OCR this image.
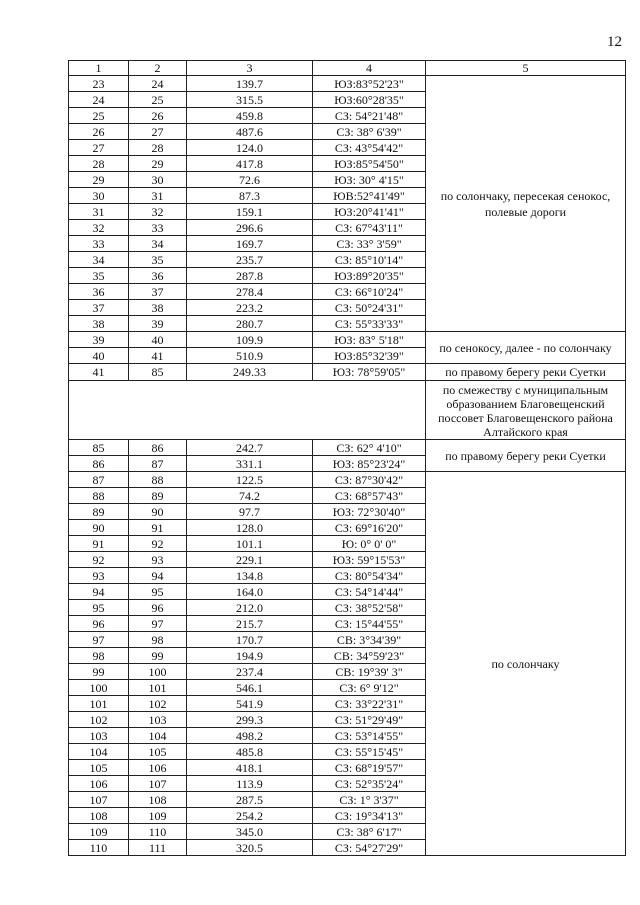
12
1	2	3	4	5
23	24	139.7	ЮЗ:83°52'23"	по солончаку, пересекая сенокос, полевые дороги
24	25	315.5	ЮЗ:60°28'35"	
25	26	459.8	СЗ: 54°21'48"	
26	27	487.6	СЗ: 38° 6'39"	
27	28	124.0	СЗ: 43°54'42"	
28	29	417.8	ЮЗ:85°54'50"	
29	30	72.6	ЮЗ: 30° 4'15"	
30	31	87.3	ЮВ:52°41'49"	
31	32	159.1	ЮЗ:20°41'41"	
32	33	296.6	СЗ: 67°43'11"	
33	34	169.7	СЗ: 33° 3'59"	
34	35	235.7	СЗ: 85°10'14"	
35	36	287.8	ЮЗ:89°20'35"	
36	37	278.4	СЗ: 66°10'24"	
37	38	223.2	СЗ: 50°24'31"	
38	39	280.7	СЗ: 55°33'33"	
39	40	109.9	ЮЗ: 83° 5'18"	по сенокосу, далее - по солончаку
40	41	510.9	ЮЗ:85°32'39"	
41	85	249.33	ЮЗ: 78°59'05"	по правому берегу реки Суетки
				по смежеству с муниципальным образованием Благовещенский поссовет Благовещенского района Алтайского края
85	86	242.7	СЗ: 62° 4'10"	по правому берегу реки Суетки
86	87	331.1	ЮЗ: 85°23'24"	
87	88	122.5	СЗ: 87°30'42"	по солончаку
88	89	74.2	СЗ: 68°57'43"	
89	90	97.7	ЮЗ: 72°30'40"	
90	91	128.0	СЗ: 69°16'20"	
91	92	101.1	Ю: 0° 0' 0"	
92	93	229.1	ЮЗ: 59°15'53"	
93	94	134.8	СЗ: 80°54'34"	
94	95	164.0	СЗ: 54°14'44"	
95	96	212.0	СЗ: 38°52'58"	
96	97	215.7	СЗ: 15°44'55"	
97	98	170.7	СВ: 3°34'39"	
98	99	194.9	СВ: 34°59'23"	
99	100	237.4	СВ: 19°39' 3"	
100	101	546.1	СЗ: 6° 9'12"	
101	102	541.9	СЗ: 33°22'31"	
102	103	299.3	СЗ: 51°29'49"	
103	104	498.2	СЗ: 53°14'55"	
104	105	485.8	СЗ: 55°15'45"	
105	106	418.1	СЗ: 68°19'57"	
106	107	113.9	СЗ: 52°35'24"	
107	108	287.5	СЗ: 1° 3'37"	
108	109	254.2	СЗ: 19°34'13"	
109	110	345.0	СЗ: 38° 6'17"	
110	111	320.5	СЗ: 54°27'29"	
